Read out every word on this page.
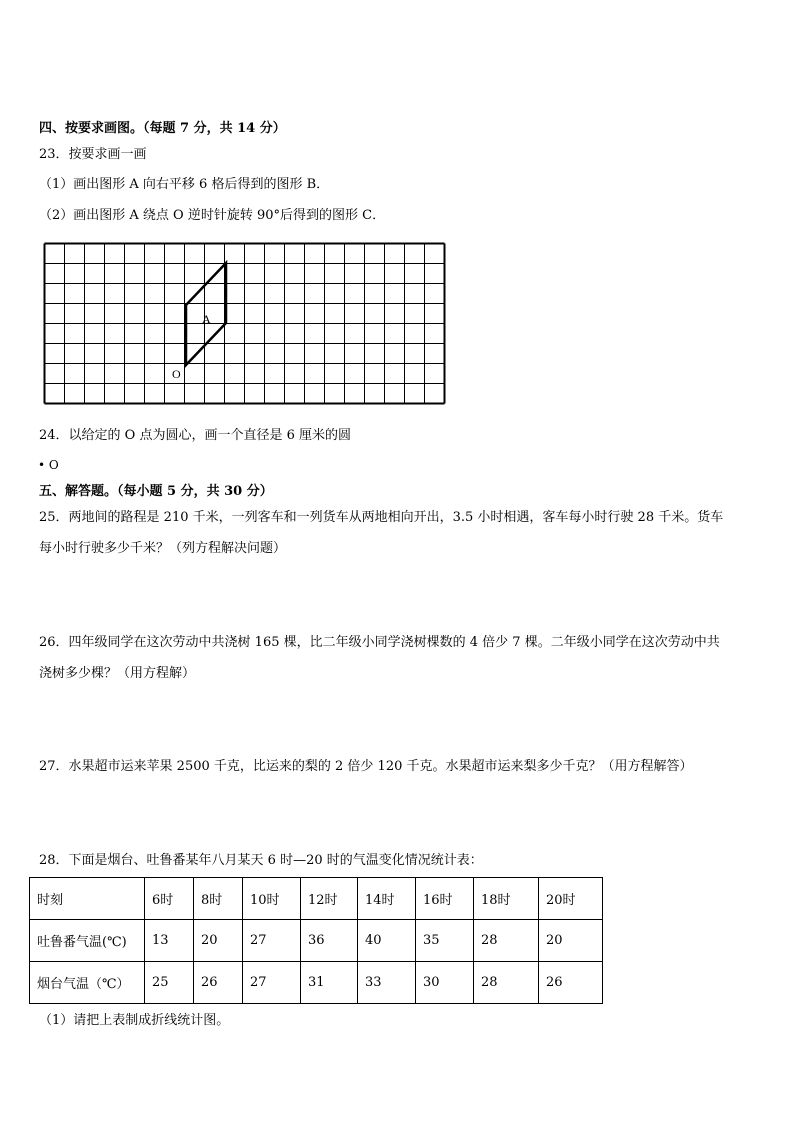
四、按要求画图。（每题 7 分，共 14 分）
23．按要求画一画
（1）画出图形 A 向右平移 6 格后得到的图形 B．
（2）画出图形 A 绕点 O 逆时针旋转 90°后得到的图形 C．
A
O
24．以给定的 O 点为圆心，画一个直径是 6 厘米的圆
• O
五、解答题。（每小题 5 分，共 30 分）
25．两地间的路程是 210 千米，一列客车和一列货车从两地相向开出，3.5 小时相遇，客车每小时行驶 28 千米。货车
每小时行驶多少千米？（列方程解决问题）
26．四年级同学在这次劳动中共浇树 165 棵，比二年级小同学浇树棵数的 4 倍少 7 棵。二年级小同学在这次劳动中共
浇树多少棵？（用方程解）
27．水果超市运来苹果 2500 千克，比运来的梨的 2 倍少 120 千克。水果超市运来梨多少千克？（用方程解答）
28．下面是烟台、吐鲁番某年八月某天 6 时—20 时的气温变化情况统计表：
时刻	6时	8时	10时	12时	14时	16时	18时	20时
吐鲁番气温(℃)	13	20	27	36	40	35	28	20
烟台气温（℃）	25	26	27	31	33	30	28	26
（1）请把上表制成折线统计图。
